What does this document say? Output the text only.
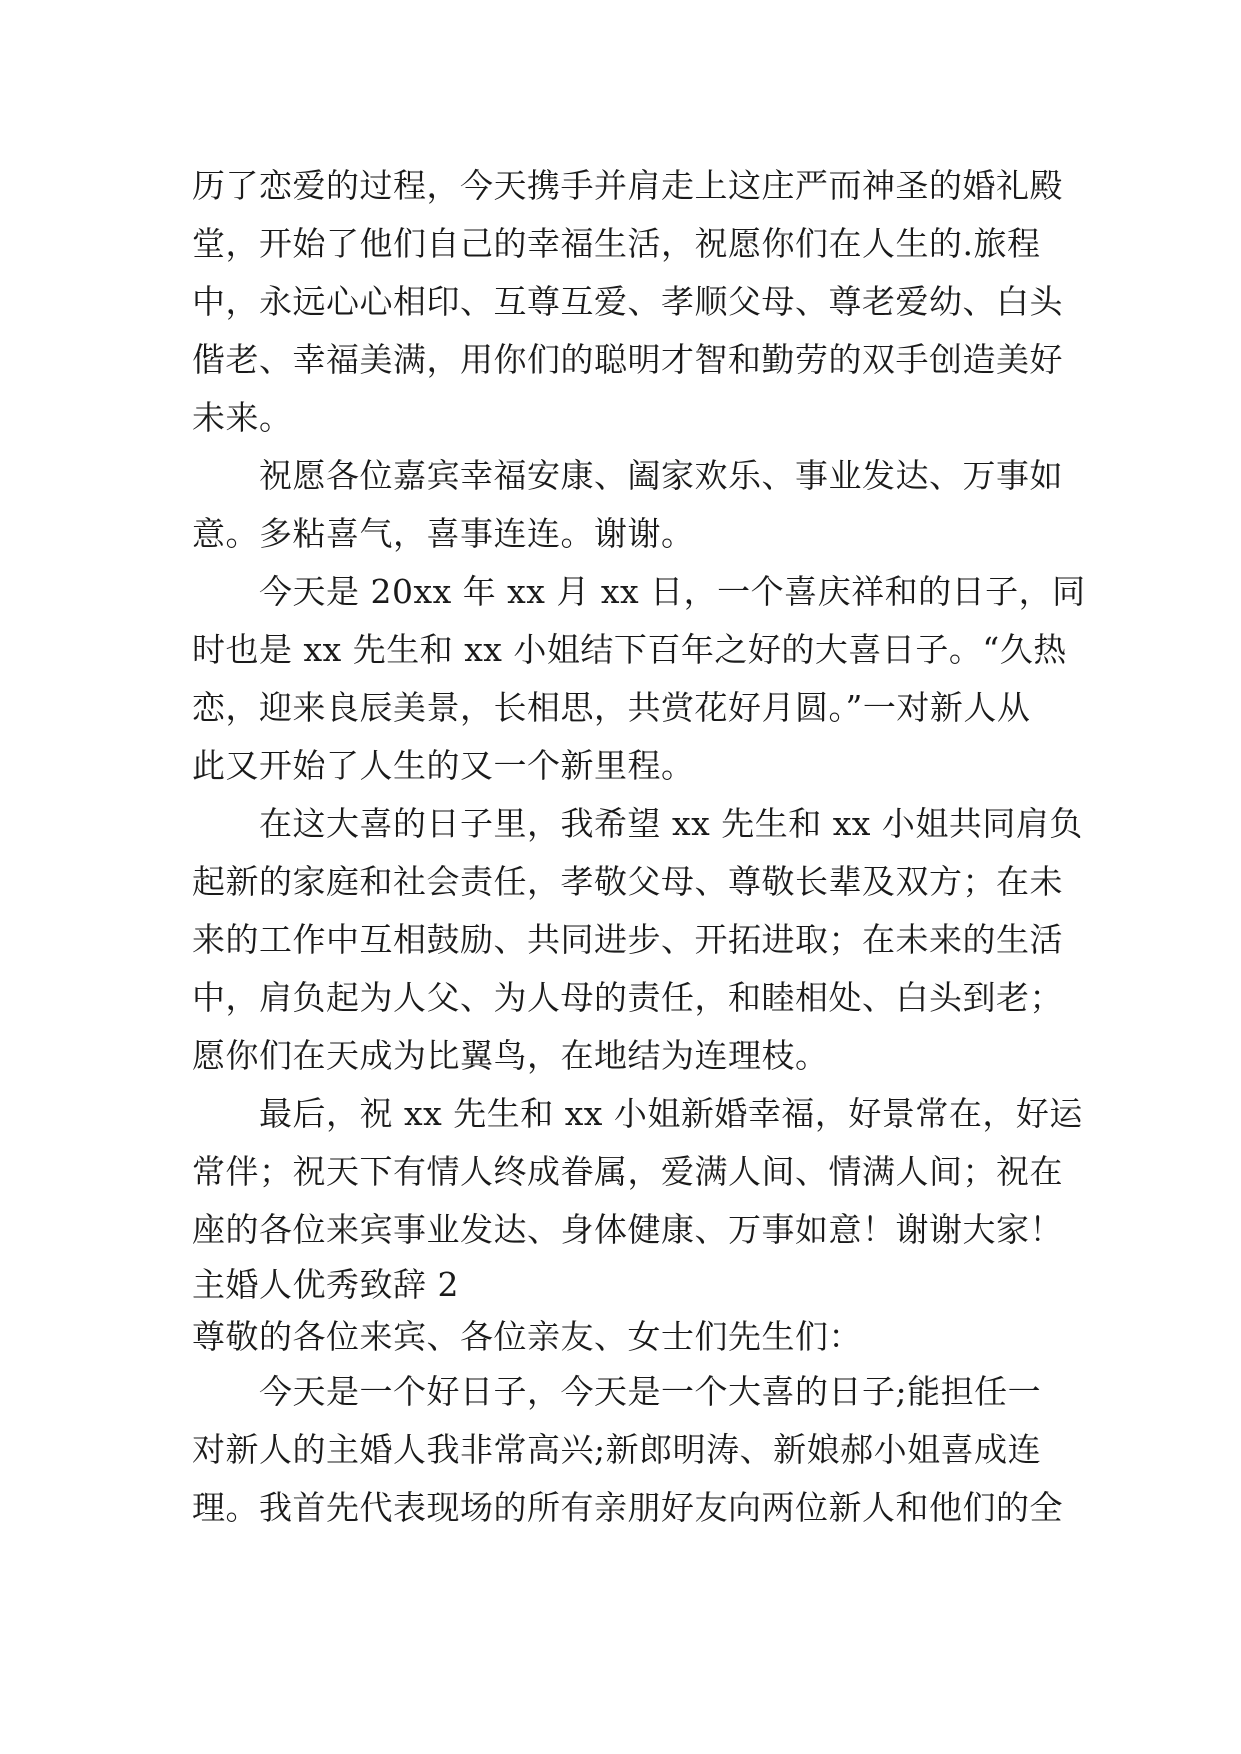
历了恋爱的过程，今天携手并肩走上这庄严而神圣的婚礼殿
堂，开始了他们自己的幸福生活，祝愿你们在人生的.旅程
中，永远心心相印、互尊互爱、孝顺父母、尊老爱幼、白头
偕老、幸福美满，用你们的聪明才智和勤劳的双手创造美好
未来。
　　祝愿各位嘉宾幸福安康、阖家欢乐、事业发达、万事如
意。多粘喜气，喜事连连。谢谢。
　　今天是 20xx 年 xx 月 xx 日，一个喜庆祥和的日子，同
时也是 xx 先生和 xx 小姐结下百年之好的大喜日子。“久热
恋，迎来良辰美景，长相思，共赏花好月圆。”一对新人从
此又开始了人生的又一个新里程。
　　在这大喜的日子里，我希望 xx 先生和 xx 小姐共同肩负
起新的家庭和社会责任，孝敬父母、尊敬长辈及双方；在未
来的工作中互相鼓励、共同进步、开拓进取；在未来的生活
中，肩负起为人父、为人母的责任，和睦相处、白头到老；
愿你们在天成为比翼鸟，在地结为连理枝。
　　最后，祝 xx 先生和 xx 小姐新婚幸福，好景常在，好运
常伴；祝天下有情人终成眷属，爱满人间、情满人间；祝在
座的各位来宾事业发达、身体健康、万事如意！谢谢大家！
主婚人优秀致辞 2
尊敬的各位来宾、各位亲友、女士们先生们：
　　今天是一个好日子，今天是一个大喜的日子;能担任一
对新人的主婚人我非常高兴;新郎明涛、新娘郝小姐喜成连
理。我首先代表现场的所有亲朋好友向两位新人和他们的全
